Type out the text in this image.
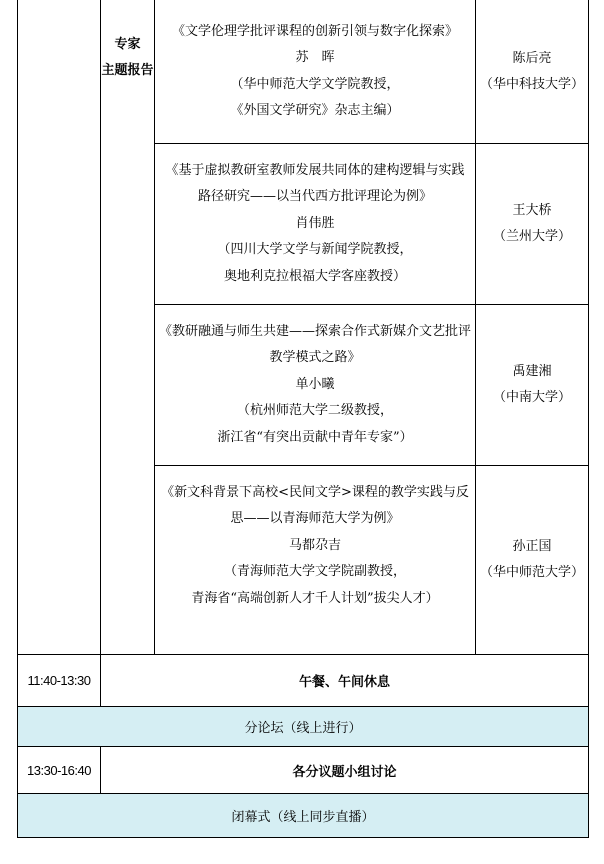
专家
主题报告
《文学伦理学批评课程的创新引领与数字化探索》
苏　晖
（华中师范大学文学院教授，
《外国文学研究》杂志主编）
陈后亮
（华中科技大学）
《基于虚拟教研室教师发展共同体的建构逻辑与实践
路径研究——以当代西方批评理论为例》
肖伟胜
（四川大学文学与新闻学院教授，
奥地利克拉根福大学客座教授）
王大桥
（兰州大学）
《教研融通与师生共建——探索合作式新媒介文艺批评
教学模式之路》
单小曦
（杭州师范大学二级教授，
浙江省“有突出贡献中青年专家”）
禹建湘
（中南大学）
《新文科背景下高校<民间文学>课程的教学实践与反
思——以青海师范大学为例》
马都尕吉
（青海师范大学文学院副教授，
青海省“高端创新人才千人计划”拔尖人才）
孙正国
（华中师范大学）
11:40-13:30	午餐、午间休息
分论坛（线上进行）
13:30-16:40	各分议题小组讨论
闭幕式（线上同步直播）
